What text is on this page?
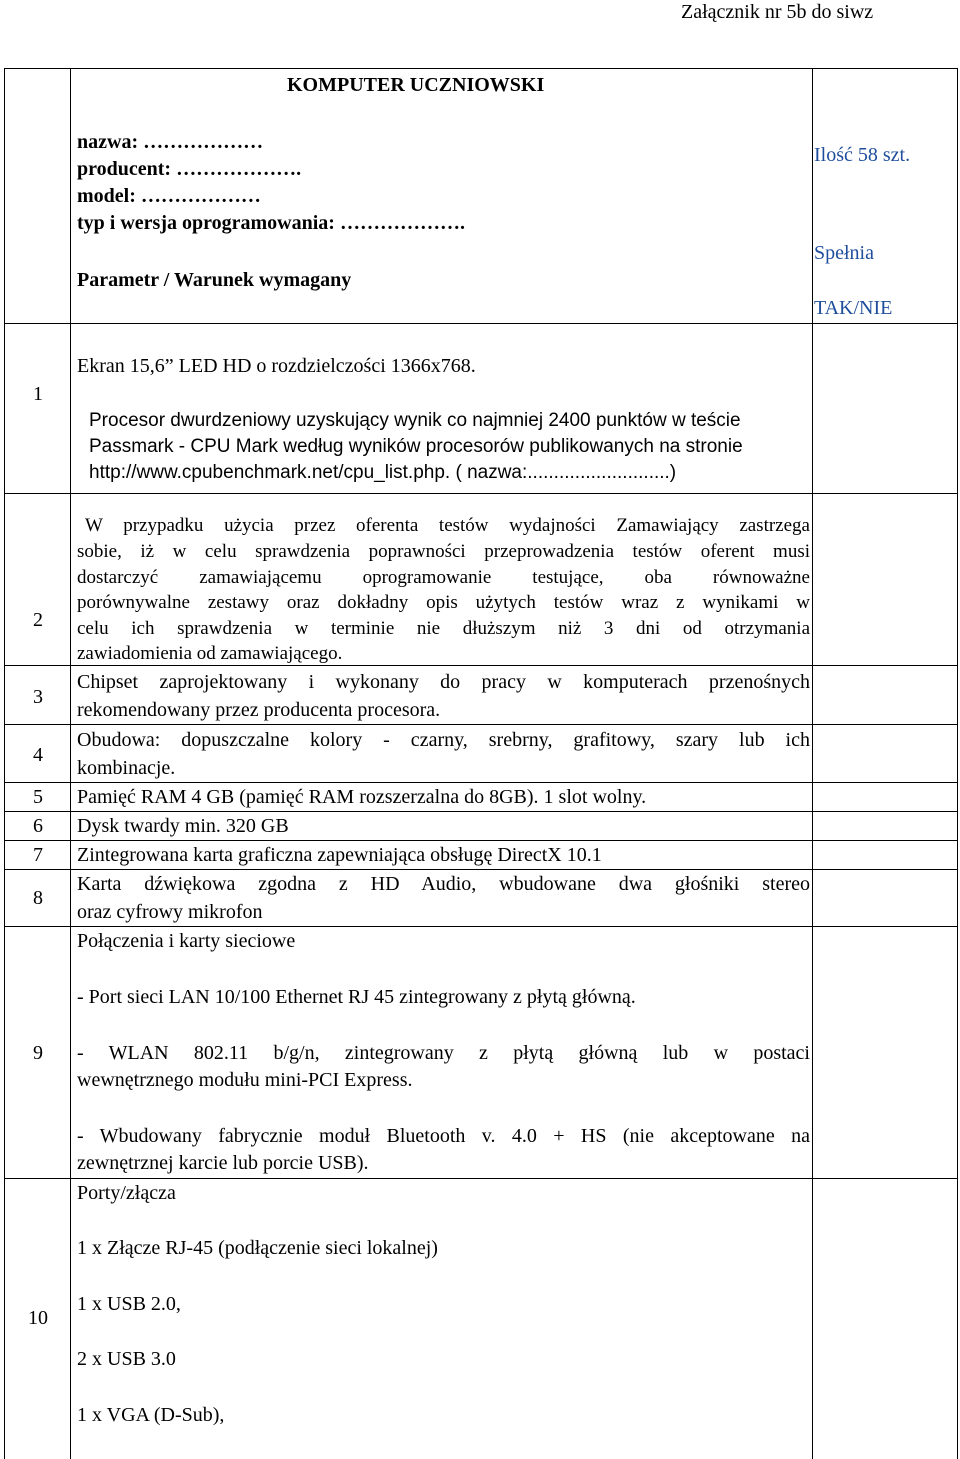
Załącznik nr 5b do siwz
KOMPUTER UCZNIOWSKI
nazwa: ………………
producent: ……………….
model: ………………
typ i wersja oprogramowania: ……………….
Parametr / Warunek wymagany
Ilość 58 szt.
Spełnia
TAK/NIE
1
Ekran 15,6” LED HD o rozdzielczości 1366x768.
Procesor dwurdzeniowy uzyskujący wynik co najmniej 2400 punktów w teście
Passmark - CPU Mark według wyników procesorów publikowanych na stronie
http://www.cpubenchmark.net/cpu_list.php. ( nazwa:...........................)
2
W przypadku użycia przez oferenta testów wydajności Zamawiający zastrzega
sobie, iż w celu sprawdzenia poprawności przeprowadzenia testów oferent musi
dostarczyć zamawiającemu oprogramowanie testujące, oba równoważne
porównywalne zestawy oraz dokładny opis użytych testów wraz z wynikami w
celu ich sprawdzenia w terminie nie dłuższym niż 3 dni od otrzymania
zawiadomienia od zamawiającego.
3
Chipset zaprojektowany i wykonany do pracy w komputerach przenośnych
rekomendowany przez producenta procesora.
4
Obudowa: dopuszczalne kolory - czarny, srebrny, grafitowy, szary lub ich
kombinacje.
5 Pamięć RAM 4 GB (pamięć RAM rozszerzalna do 8GB). 1 slot wolny.
6 Dysk twardy min. 320 GB
7 Zintegrowana karta graficzna zapewniająca obsługę DirectX 10.1
8
Karta dźwiękowa zgodna z HD Audio, wbudowane dwa głośniki stereo
oraz cyfrowy mikrofon
9
Połączenia i karty sieciowe
- Port sieci LAN 10/100 Ethernet RJ 45 zintegrowany z płytą główną.
- WLAN 802.11 b/g/n, zintegrowany z płytą główną lub w postaci
wewnętrznego modułu mini-PCI Express.
- Wbudowany fabrycznie moduł Bluetooth v. 4.0 + HS (nie akceptowane na
zewnętrznej karcie lub porcie USB).
10
Porty/złącza
1 x Złącze RJ-45 (podłączenie sieci lokalnej)
1 x USB 2.0,
2 x USB 3.0
1 x VGA (D-Sub),
